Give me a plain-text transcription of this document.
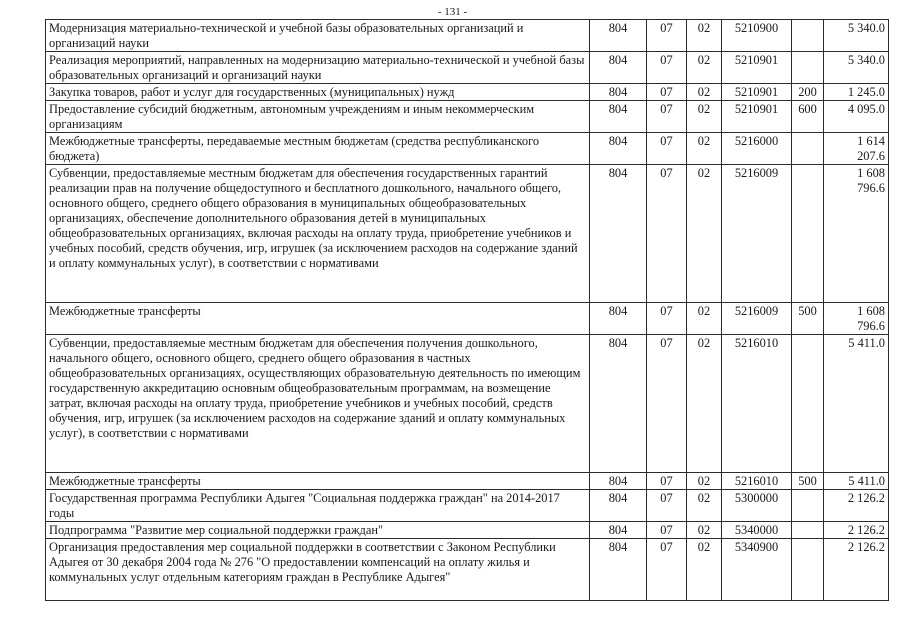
- 131 -
Модернизация материально-технической и учебной базы образовательных организаций и организаций науки	804	07	02	5210900		5 340.0
Реализация мероприятий, направленных на модернизацию материально-технической и учебной базы образовательных организаций и организаций науки	804	07	02	5210901		5 340.0
Закупка товаров, работ и услуг для государственных (муниципальных) нужд	804	07	02	5210901	200	1 245.0
Предоставление субсидий бюджетным, автономным учреждениям и иным некоммерческим организациям	804	07	02	5210901	600	4 095.0
Межбюджетные трансферты, передаваемые местным бюджетам (средства республиканского бюджета)	804	07	02	5216000		1 614 207.6
Субвенции, предоставляемые местным бюджетам для обеспечения государственных гарантий реализации прав на получение общедоступного и бесплатного дошкольного, начального общего, основного общего, среднего общего образования в муниципальных общеобразовательных организациях, обеспечение дополнительного образования детей в муниципальных общеобразовательных организациях, включая расходы на оплату труда, приобретение учебников и учебных пособий, средств обучения, игр, игрушек (за исключением расходов на содержание зданий и оплату коммунальных услуг), в соответствии с нормативами	804	07	02	5216009		1 608 796.6
Межбюджетные трансферты	804	07	02	5216009	500	1 608 796.6
Субвенции, предоставляемые местным бюджетам для обеспечения получения дошкольного, начального общего, основного общего, среднего общего образования в частных общеобразовательных организациях, осуществляющих образовательную деятельность по имеющим государственную аккредитацию основным общеобразовательным программам, на возмещение затрат, включая расходы на оплату труда, приобретение учебников и учебных пособий, средств обучения, игр, игрушек (за исключением расходов на содержание зданий и оплату коммунальных услуг), в соответствии с нормативами	804	07	02	5216010		5 411.0
Межбюджетные трансферты	804	07	02	5216010	500	5 411.0
Государственная программа Республики Адыгея "Социальная поддержка граждан" на 2014-2017 годы	804	07	02	5300000		2 126.2
Подпрограмма "Развитие мер социальной поддержки граждан"	804	07	02	5340000		2 126.2
Организация предоставления мер социальной поддержки в соответствии с Законом Республики Адыгея от 30 декабря 2004 года № 276 "О предоставлении компенсаций на оплату жилья и коммунальных услуг отдельным категориям граждан в Республике Адыгея"	804	07	02	5340900		2 126.2
